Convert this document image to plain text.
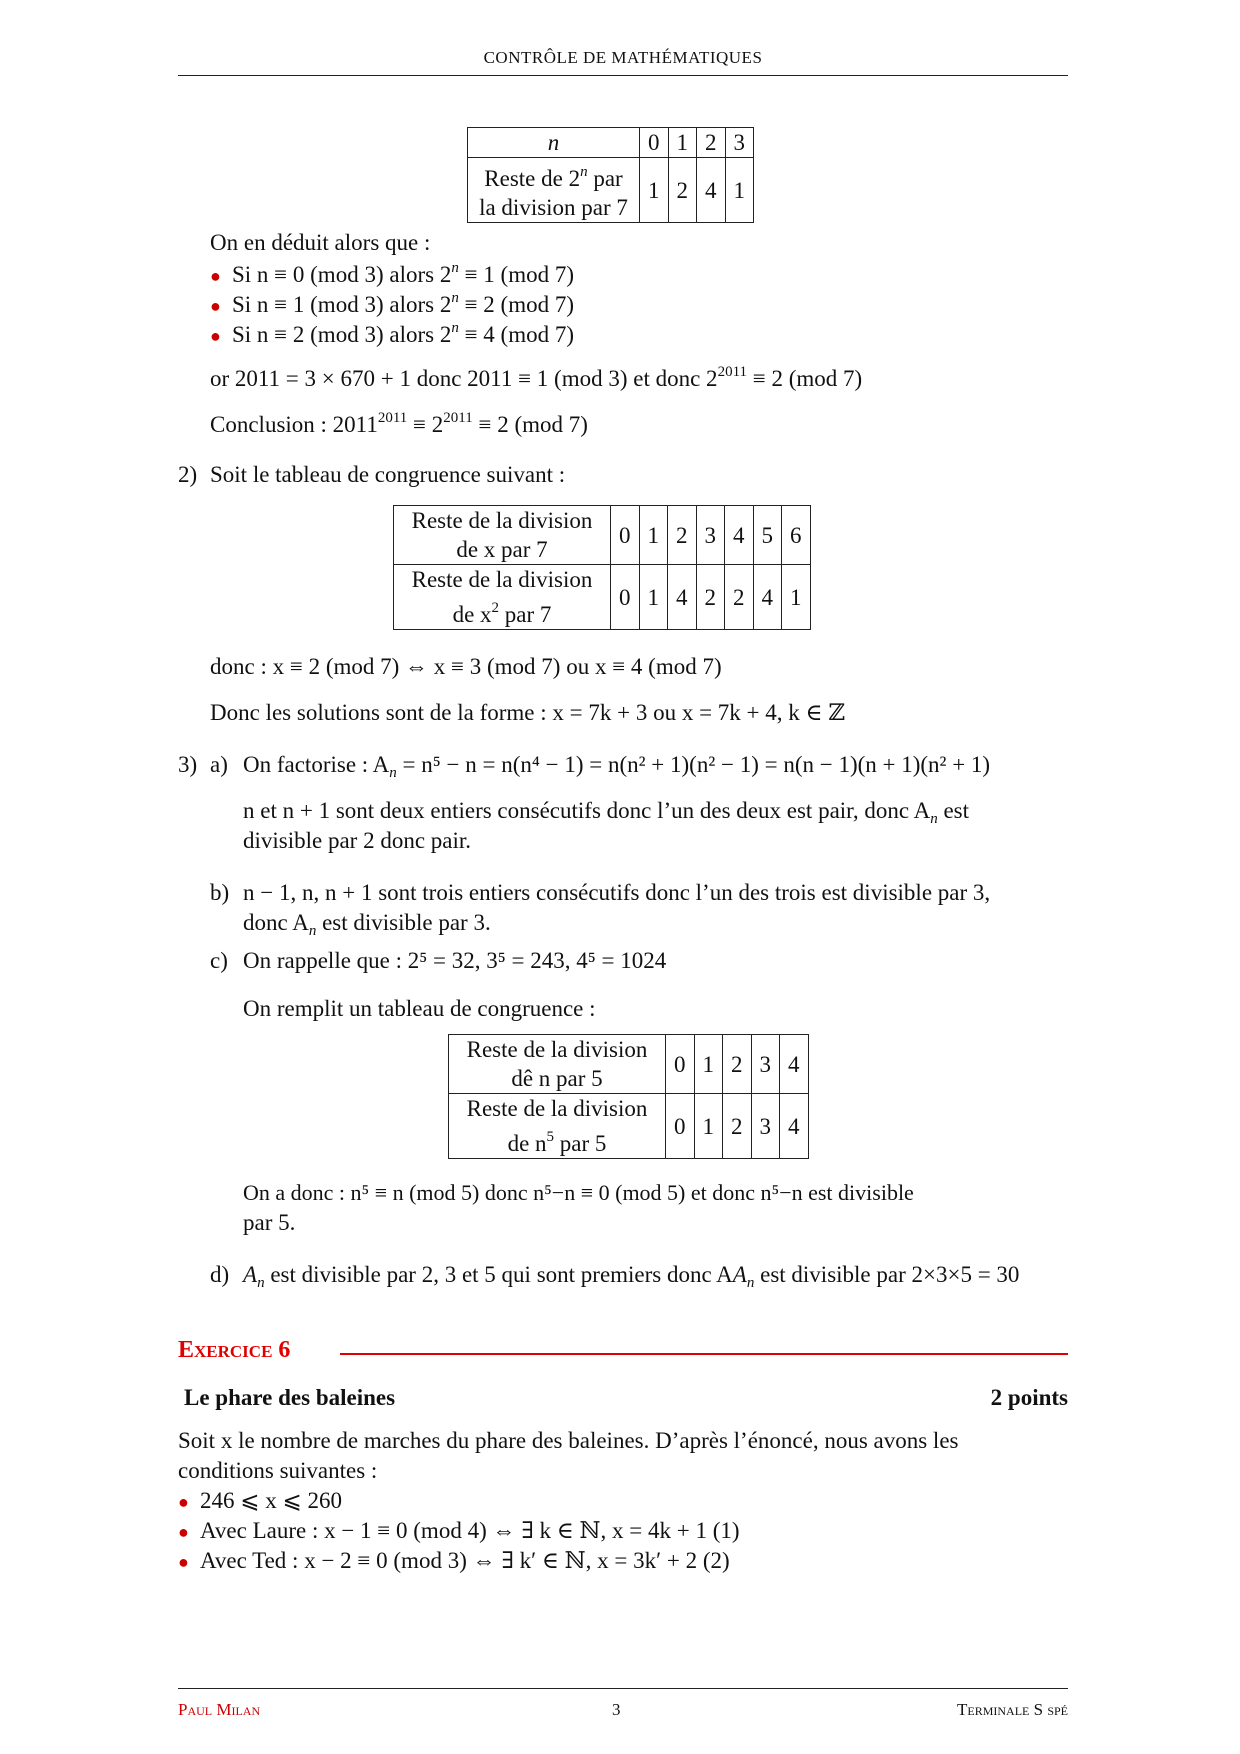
CONTRÔLE DE MATHÉMATIQUES
n	0	1	2	3
Reste de 2$^n$ par
la division par 7	1	2	4	1
On en déduit alors que :
● Si n ≡ 0 (mod 3) alors $2^n \equiv 1$ (mod 7)
● Si n ≡ 1 (mod 3) alors $2^n \equiv 2$ (mod 7)
● Si n ≡ 2 (mod 3) alors $2^n \equiv 4$ (mod 7)
or 2011 = 3 × 670 + 1 donc 2011 ≡ 1 (mod 3) et donc $2^{2011} \equiv 2$ (mod 7)
Conclusion : $2011^{2011} \equiv 2^{2011} \equiv 2$ (mod 7)
2) Soit le tableau de congruence suivant :
Reste de la division
de x par 7	0	1	2	3	4	5	6
Reste de la division
de $x^2$ par 7	0	1	4	2	2	4	1
donc : x ≡ 2 (mod 7) ⇔ x ≡ 3 (mod 7) ou x ≡ 4 (mod 7)
Donc les solutions sont de la forme : x = 7k + 3 ou x = 7k + 4, k ∈ ℤ
3) a) On factorise : $A_n = n^5 - n = n(n^4 - 1) = n(n^2 + 1)(n^2 - 1) = n(n - 1)(n + 1)(n^2 + 1)$
n et n + 1 sont deux entiers consécutifs donc l’un des deux est pair, donc $A_n$ est
divisible par 2 donc pair.
b) n − 1, n, n + 1 sont trois entiers consécutifs donc l’un des trois est divisible par 3,
donc $A_n$ est divisible par 3.
c) On rappelle que : 2⁵ = 32, 3⁵ = 243, 4⁵ = 1024
On remplit un tableau de congruence :
Reste de la division
dê n par 5	0	1	2	3	4
Reste de la division
de $n^5$ par 5	0	1	2	3	4
On a donc : n⁵ ≡ n (mod 5) donc n⁵−n ≡ 0 (mod 5) et donc n⁵−n est divisible
par 5.
d) $A_n$ est divisible par 2, 3 et 5 qui sont premiers donc $AA_n$ est divisible par 2×3×5 = 30
Exercice 6
Le phare des baleines	2 points
Soit x le nombre de marches du phare des baleines. D’après l’énoncé, nous avons les
conditions suivantes :
● 246 ⩽ x ⩽ 260
● Avec Laure : x − 1 ≡ 0 (mod 4) ⇔ ∃ k ∈ ℕ, x = 4k + 1 (1)
● Avec Ted : x − 2 ≡ 0 (mod 3) ⇔ ∃ k′ ∈ ℕ, x = 3k′ + 2 (2)
Paul Milan	3	Terminale S spé
